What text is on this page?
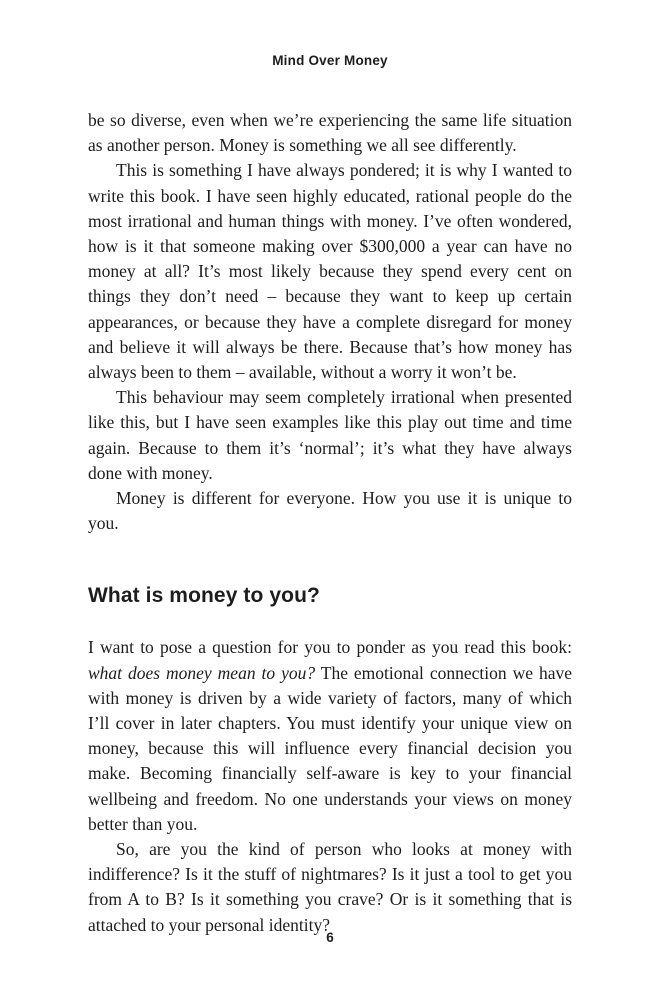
Mind Over Money

be so diverse, even when we’re experiencing the same life situation as another person. Money is something we all see differently.

This is something I have always pondered; it is why I wanted to write this book. I have seen highly educated, rational people do the most irrational and human things with money. I’ve often wondered, how is it that someone making over $300,000 a year can have no money at all? It’s most likely because they spend every cent on things they don’t need – because they want to keep up certain appearances, or because they have a complete disregard for money and believe it will always be there. Because that’s how money has always been to them – available, without a worry it won’t be.

This behaviour may seem completely irrational when presented like this, but I have seen examples like this play out time and time again. Because to them it’s ‘normal’; it’s what they have always done with money.

Money is different for everyone. How you use it is unique to you.

What is money to you?

I want to pose a question for you to ponder as you read this book: what does money mean to you? The emotional connection we have with money is driven by a wide variety of factors, many of which I’ll cover in later chapters. You must identify your unique view on money, because this will influence every financial decision you make. Becoming financially self-aware is key to your financial wellbeing and freedom. No one understands your views on money better than you.

So, are you the kind of person who looks at money with indifference? Is it the stuff of nightmares? Is it just a tool to get you from A to B? Is it something you crave? Or is it something that is attached to your personal identity?

6
